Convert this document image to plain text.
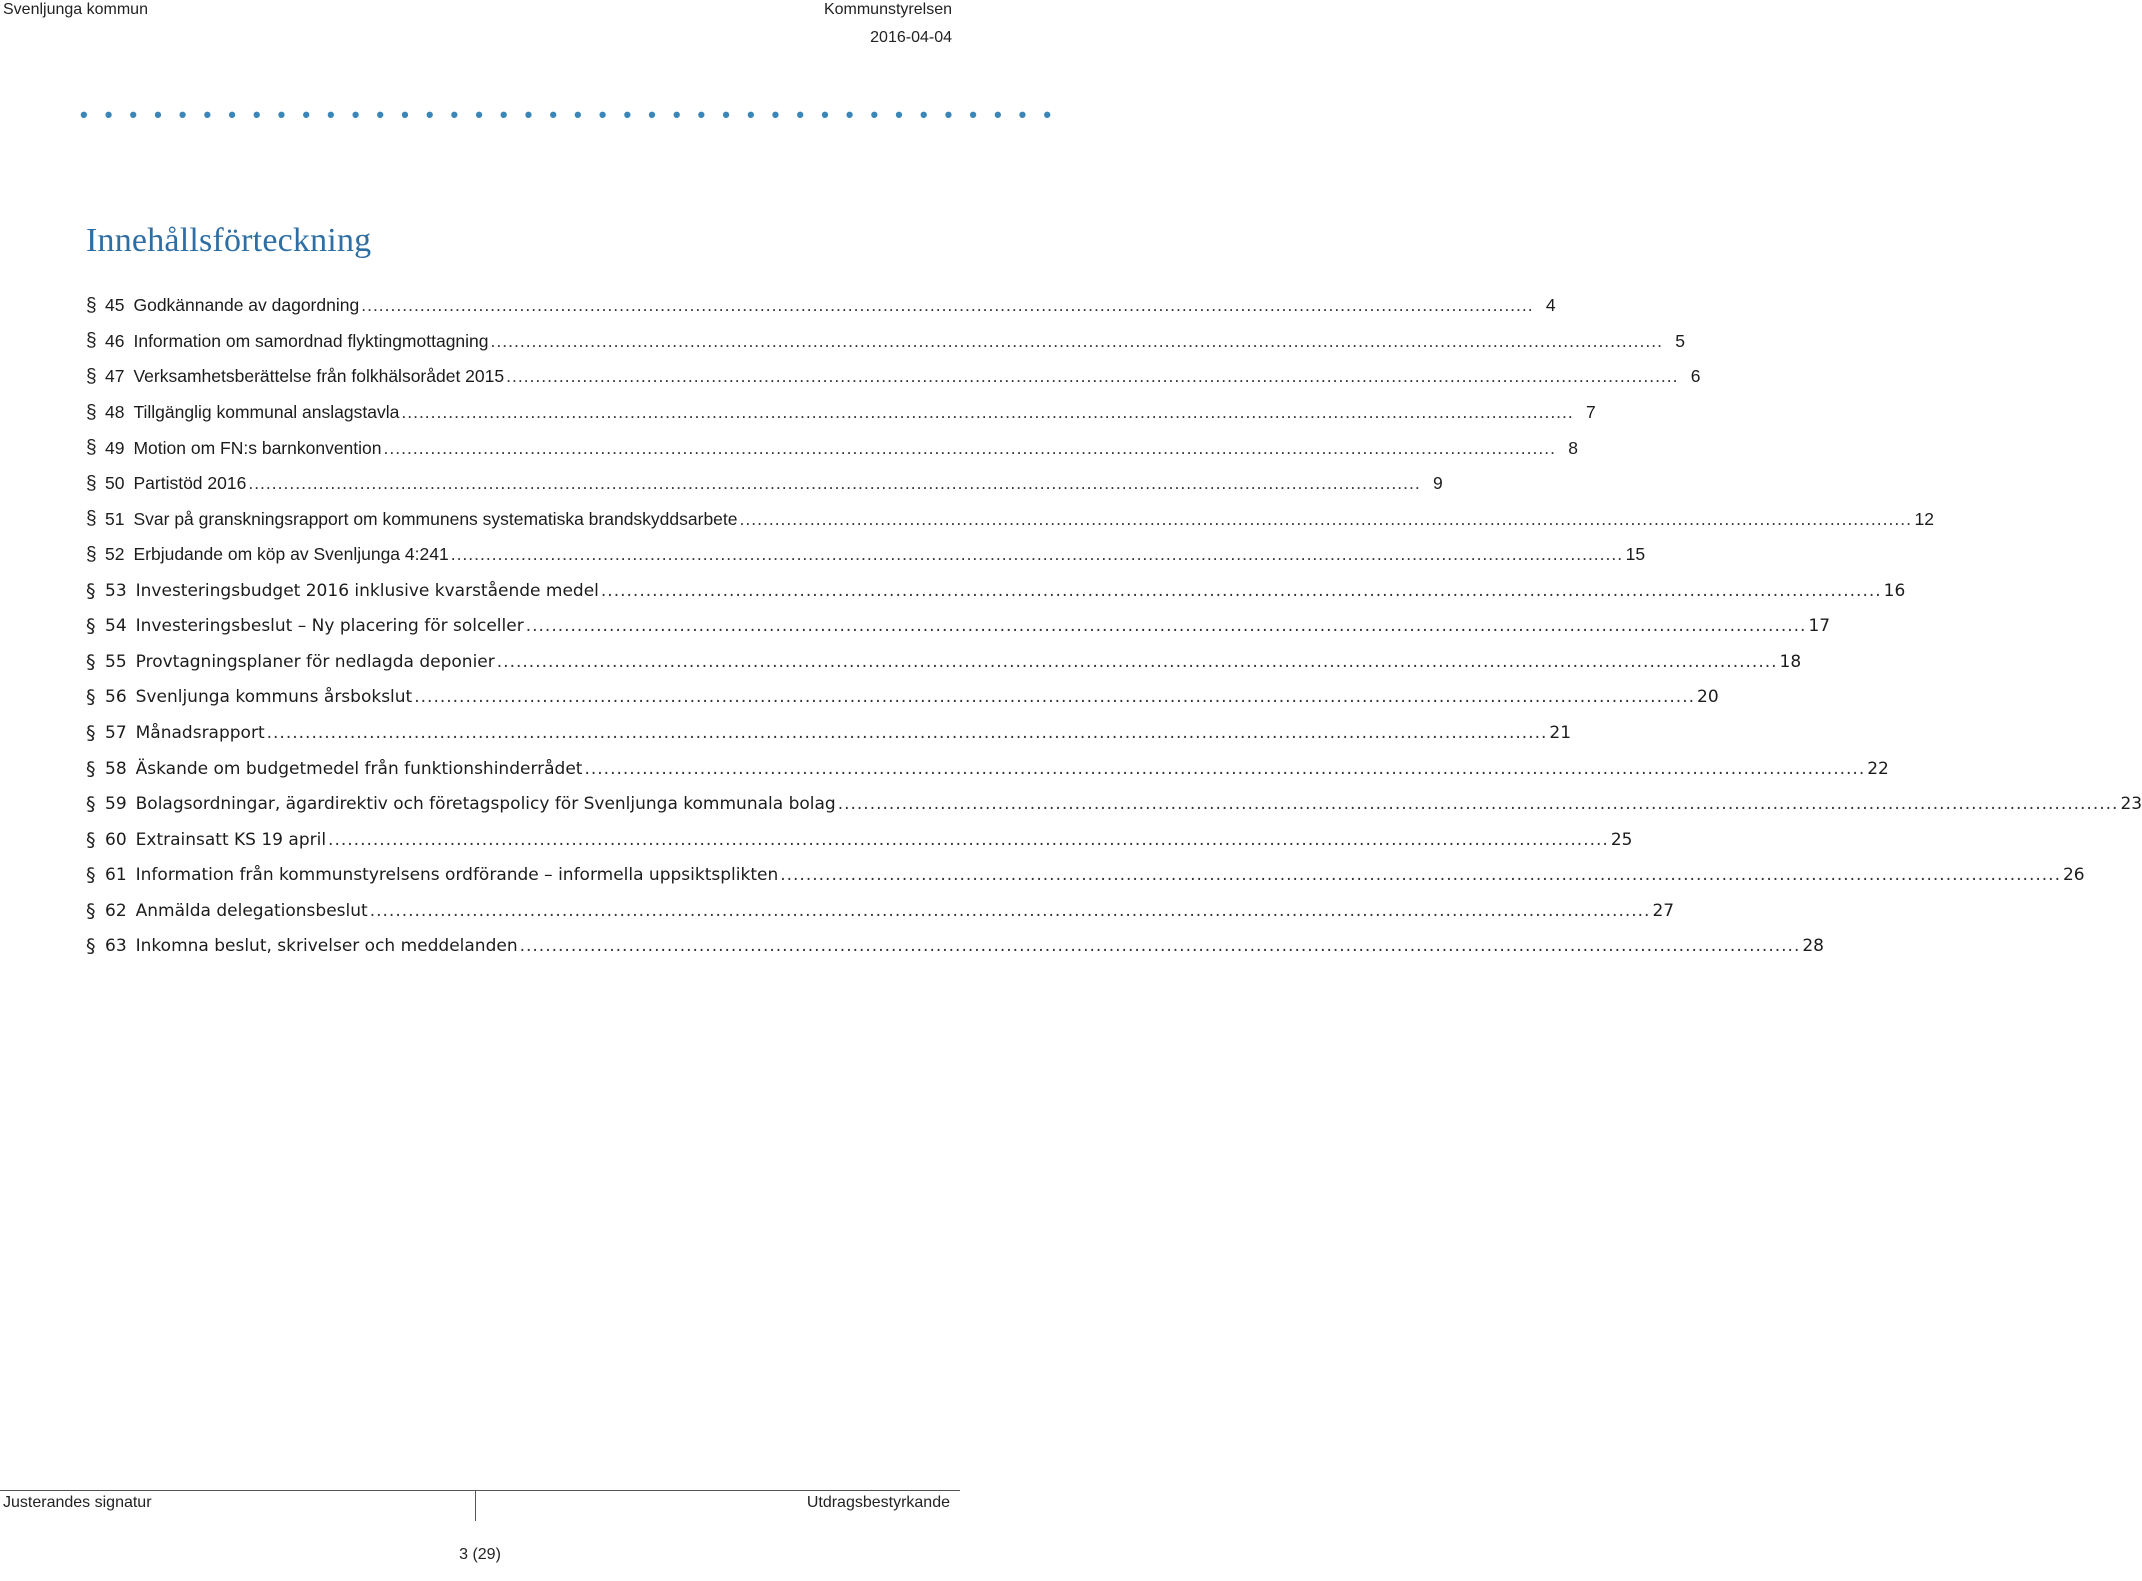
Svenljunga kommun	Kommunstyrelsen
2016-04-04
••••••••••••••••••••••••••••••••••••••••
Innehållsförteckning
§ 45 Godkännande av dagordning .....	4
§ 46 Information om samordnad flyktingmottagning .....	5
§ 47 Verksamhetsberättelse från folkhälsorådet 2015 .....	6
§ 48 Tillgänglig kommunal anslagstavla .....	7
§ 49 Motion om FN:s barnkonvention .....	8
§ 50 Partistöd 2016 .....	9
§ 51 Svar på granskningsrapport om kommunens systematiska brandskyddsarbete .....	12
§ 52 Erbjudande om köp av Svenljunga 4:241 .....	15
§ 53 Investeringsbudget 2016 inklusive kvarstående medel .....	16
§ 54 Investeringsbeslut – Ny placering för solceller .....	17
§ 55 Provtagningsplaner för nedlagda deponier .....	18
§ 56 Svenljunga kommuns årsbokslut .....	20
§ 57 Månadsrapport .....	21
§ 58 Äskande om budgetmedel från funktionshinderrådet .....	22
§ 59 Bolagsordningar, ägardirektiv och företagspolicy för Svenljunga kommunala bolag .....	23
§ 60 Extrainsatt KS 19 april .....	25
§ 61 Information från kommunstyrelsens ordförande – informella uppsiktsplikten .....	26
§ 62 Anmälda delegationsbeslut .....	27
§ 63 Inkomna beslut, skrivelser och meddelanden .....	28
Justerandes signatur	Utdragsbestyrkande
3 (29)
